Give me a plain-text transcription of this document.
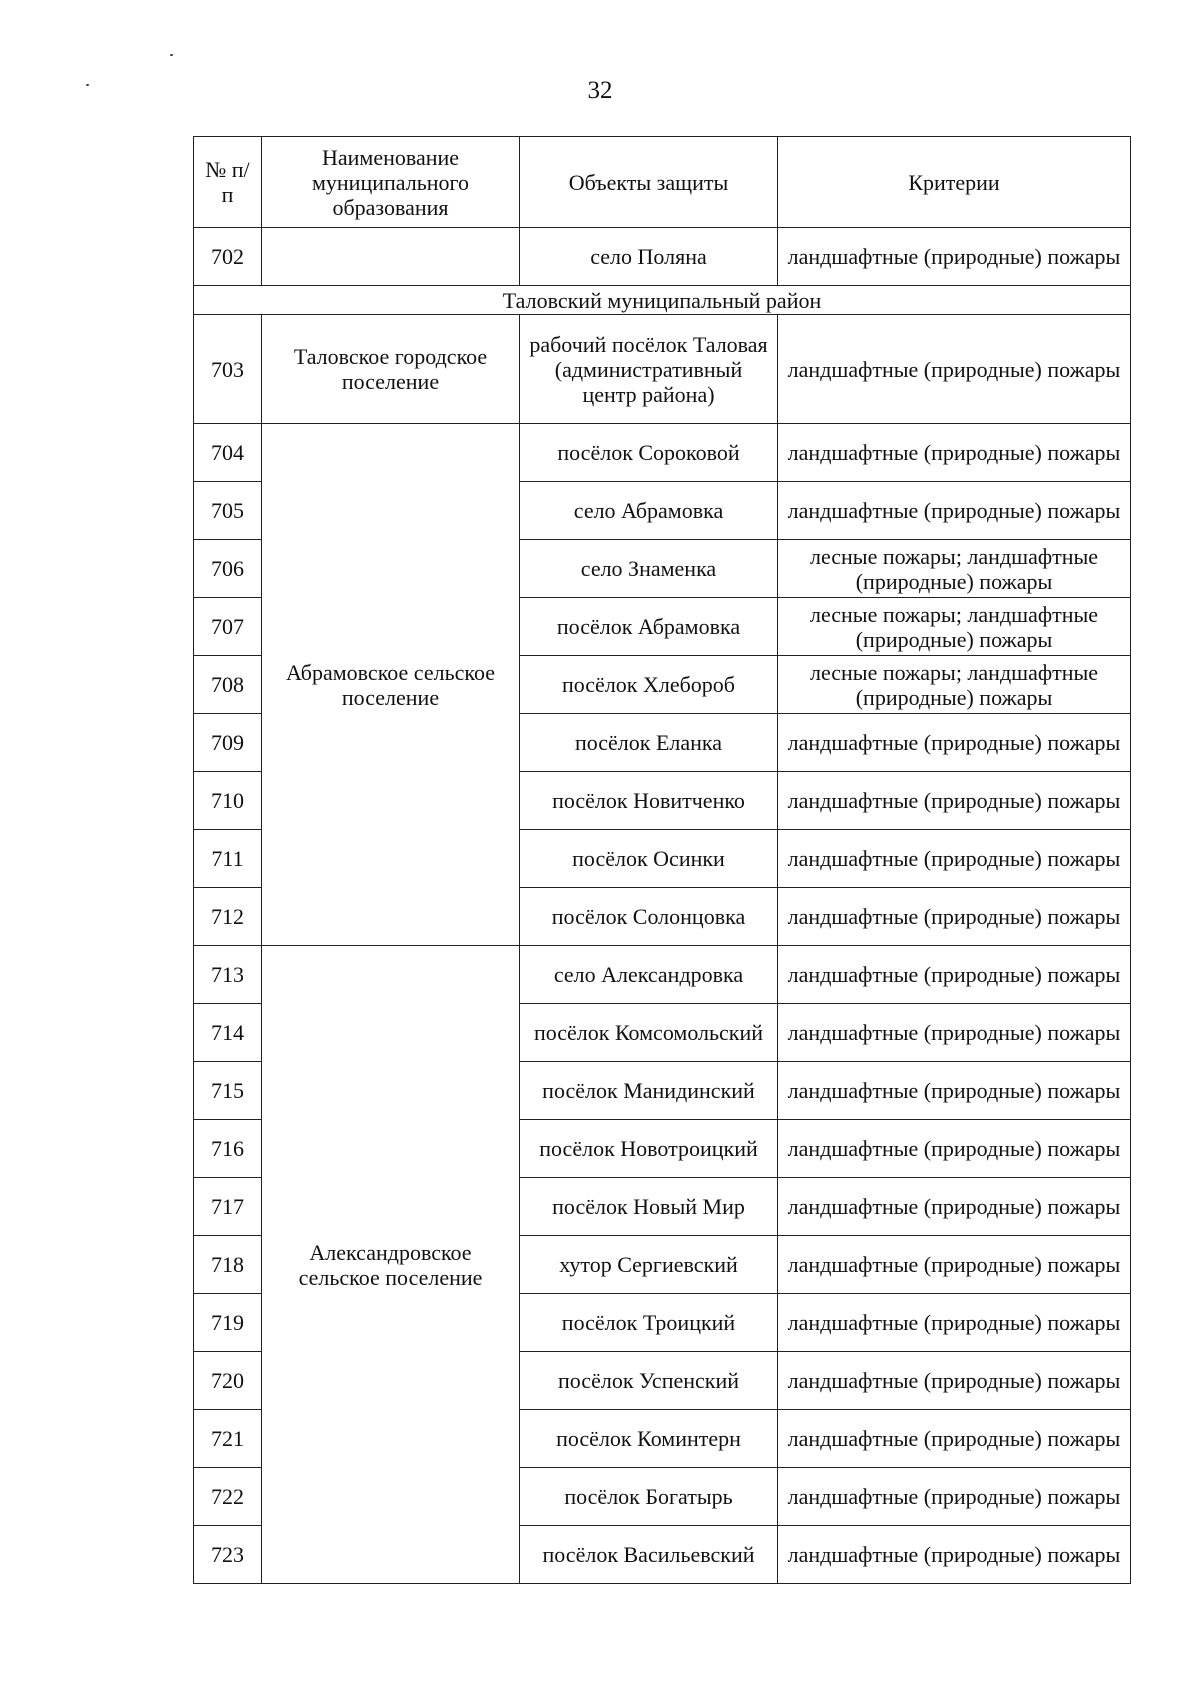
32
№ п/п	Наименование муниципального образования	Объекты защиты	Критерии
702		село Поляна	ландшафтные (природные) пожары
Таловский муниципальный район			
703	Таловское городское поселение	рабочий посёлок Таловая (административный центр района)	ландшафтные (природные) пожары
704	Абрамовское сельское поселение	посёлок Сороковой	ландшафтные (природные) пожары
705		село Абрамовка	ландшафтные (природные) пожары
706		село Знаменка	лесные пожары; ландшафтные (природные) пожары
707		посёлок Абрамовка	лесные пожары; ландшафтные (природные) пожары
708		посёлок Хлебороб	лесные пожары; ландшафтные (природные) пожары
709		посёлок Еланка	ландшафтные (природные) пожары
710		посёлок Новитченко	ландшафтные (природные) пожары
711		посёлок Осинки	ландшафтные (природные) пожары
712		посёлок Солонцовка	ландшафтные (природные) пожары
713	Александровское сельское поселение	село Александровка	ландшафтные (природные) пожары
714		посёлок Комсомольский	ландшафтные (природные) пожары
715		посёлок Манидинский	ландшафтные (природные) пожары
716		посёлок Новотроицкий	ландшафтные (природные) пожары
717		посёлок Новый Мир	ландшафтные (природные) пожары
718		хутор Сергиевский	ландшафтные (природные) пожары
719		посёлок Троицкий	ландшафтные (природные) пожары
720		посёлок Успенский	ландшафтные (природные) пожары
721		посёлок Коминтерн	ландшафтные (природные) пожары
722		посёлок Богатырь	ландшафтные (природные) пожары
723		посёлок Васильевский	ландшафтные (природные) пожары
